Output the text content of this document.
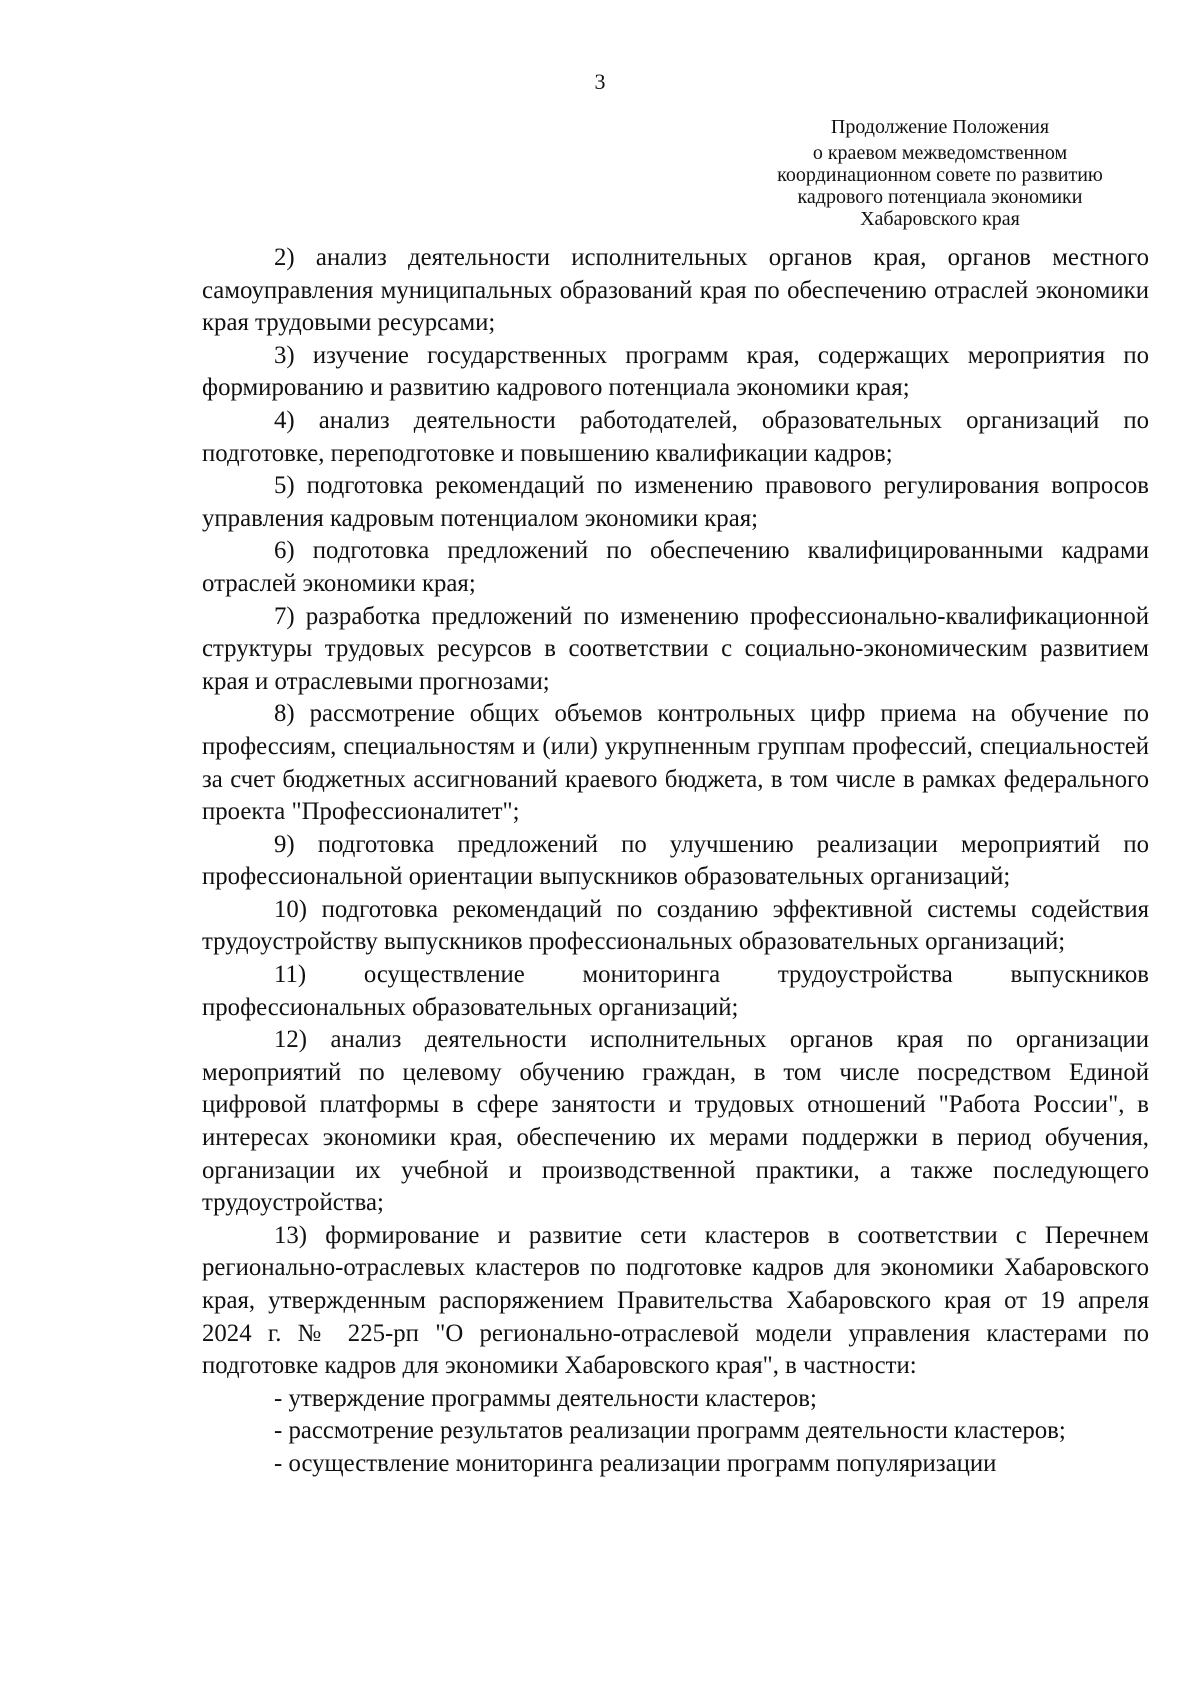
3
Продолжение Положения
о краевом межведомственном
координационном совете по развитию
кадрового потенциала экономики
Хабаровского края

2) анализ деятельности исполнительных органов края, органов местного самоуправления муниципальных образований края по обеспечению отраслей экономики края трудовыми ресурсами;

3) изучение государственных программ края, содержащих мероприятия по формированию и развитию кадрового потенциала экономики края;

4) анализ деятельности работодателей, образовательных организаций по подготовке, переподготовке и повышению квалификации кадров;

5) подготовка рекомендаций по изменению правового регулирования вопросов управления кадровым потенциалом экономики края;

6) подготовка предложений по обеспечению квалифицированными кадрами отраслей экономики края;

7) разработка предложений по изменению профессионально-квалификационной структуры трудовых ресурсов в соответствии с социально-экономическим развитием края и отраслевыми прогнозами;

8) рассмотрение общих объемов контрольных цифр приема на обучение по профессиям, специальностям и (или) укрупненным группам профессий, специальностей за счет бюджетных ассигнований краевого бюджета, в том числе в рамках федерального проекта "Профессионалитет";

9) подготовка предложений по улучшению реализации мероприятий по профессиональной ориентации выпускников образовательных организаций;

10) подготовка рекомендаций по созданию эффективной системы содействия трудоустройству выпускников профессиональных образовательных организаций;

11) осуществление мониторинга трудоустройства выпускников профессиональных образовательных организаций;

12) анализ деятельности исполнительных органов края по организации мероприятий по целевому обучению граждан, в том числе посредством Единой цифровой платформы в сфере занятости и трудовых отношений "Работа России", в интересах экономики края, обеспечению их мерами поддержки в период обучения, организации их учебной и производственной практики, а также последующего трудоустройства;

13) формирование и развитие сети кластеров в соответствии с Перечнем регионально-отраслевых кластеров по подготовке кадров для экономики Хабаровского края, утвержденным распоряжением Правительства Хабаровского края от 19 апреля 2024 г. № 225-рп "О регионально-отраслевой модели управления кластерами по подготовке кадров для экономики Хабаровского края", в частности:

- утверждение программы деятельности кластеров;

- рассмотрение результатов реализации программ деятельности кластеров;

- осуществление мониторинга реализации программ популяризации
